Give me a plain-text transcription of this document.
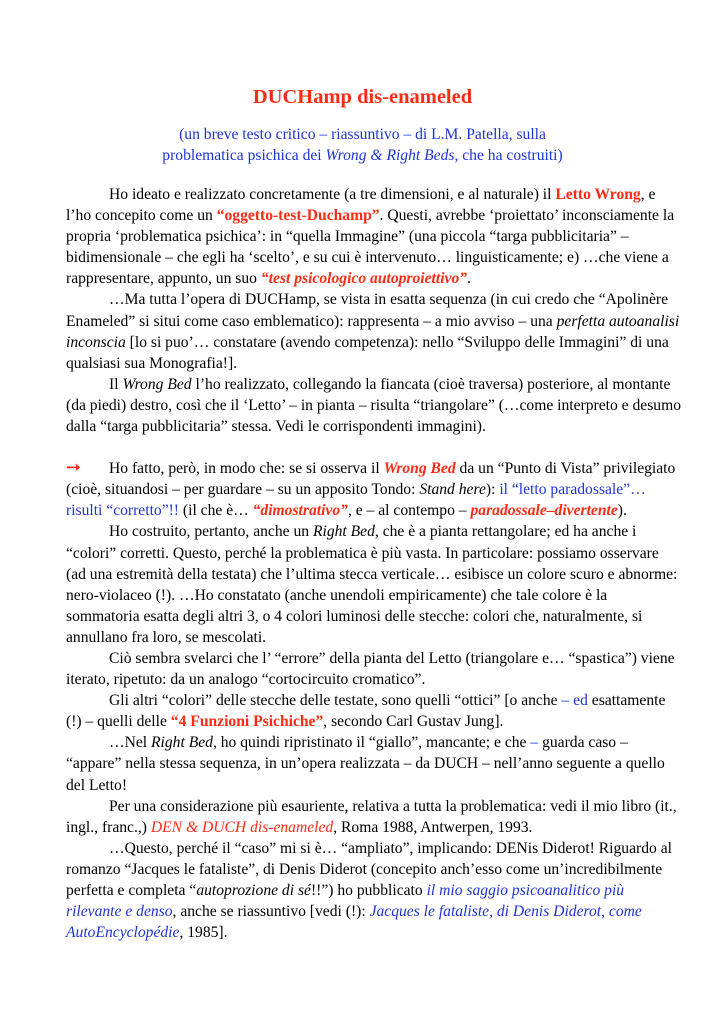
DUCHamp dis-enameled
(un breve testo critico – riassuntivo – di L.M. Patella, sulla
problematica psichica dei Wrong & Right Beds, che ha costruiti)

Ho ideato e realizzato concretamente (a tre dimensioni, e al naturale) il Letto Wrong, e l’ho concepito come un “oggetto-test-Duchamp”. Questi, avrebbe ‘proiettato’ inconsciamente la propria ‘problematica psichica’: in “quella Immagine” (una piccola “targa pubblicitaria” – bidimensionale – che egli ha ‘scelto’, e su cui è intervenuto… linguisticamente; e) …che viene a rappresentare, appunto, un suo “test psicologico autoproiettivo”.

…Ma tutta l’opera di DUCHamp, se vista in esatta sequenza (in cui credo che “Apolinère Enameled” si situi come caso emblematico): rappresenta – a mio avviso – una perfetta autoanalisi inconscia [lo si puo’… constatare (avendo competenza): nello “Sviluppo delle Immagini” di una qualsiasi sua Monografia!].

Il Wrong Bed l’ho realizzato, collegando la fiancata (cioè traversa) posteriore, al montante (da piedi) destro, così che il ‘Letto’ – in pianta – risulta “triangolare” (…come interpreto e desumo dalla “targa pubblicitaria” stessa. Vedi le corrispondenti immagini).

➙ Ho fatto, però, in modo che: se si osserva il Wrong Bed da un “Punto di Vista” privilegiato (cioè, situandosi – per guardare – su un apposito Tondo: Stand here): il “letto paradossale”… risulti “corretto”!! (il che è… “dimostrativo”, e – al contempo – paradossale–divertente).

Ho costruito, pertanto, anche un Right Bed, che è a pianta rettangolare; ed ha anche i “colori” corretti. Questo, perché la problematica è più vasta. In particolare: possiamo osservare (ad una estremità della testata) che l’ultima stecca verticale… esibisce un colore scuro e abnorme: nero-violaceo (!). …Ho constatato (anche unendoli empiricamente) che tale colore è la sommatoria esatta degli altri 3, o 4 colori luminosi delle stecche: colori che, naturalmente, si annullano fra loro, se mescolati.

Ciò sembra svelarci che l’ “errore” della pianta del Letto (triangolare e… “spastica”) viene iterato, ripetuto: da un analogo “cortocircuito cromatico”.

Gli altri “colori” delle stecche delle testate, sono quelli “ottici” [o anche – ed esattamente (!) – quelli delle “4 Funzioni Psichiche”, secondo Carl Gustav Jung].

…Nel Right Bed, ho quindi ripristinato il “giallo”, mancante; e che – guarda caso – “appare” nella stessa sequenza, in un’opera realizzata – da DUCH – nell’anno seguente a quello del Letto!

Per una considerazione più esauriente, relativa a tutta la problematica: vedi il mio libro (it., ingl., franc.,) DEN & DUCH dis-enameled, Roma 1988, Antwerpen, 1993.

…Questo, perché il “caso” mi si è… “ampliato”, implicando: DENis Diderot! Riguardo al romanzo “Jacques le fataliste”, di Denis Diderot (concepito anch’esso come un’incredibilmente perfetta e completa “autoprozione di sé!!”) ho pubblicato il mio saggio psicoanalitico più rilevante e denso, anche se riassuntivo [vedi (!): Jacques le fataliste, di Denis Diderot, come AutoEncyclopédie, 1985].
